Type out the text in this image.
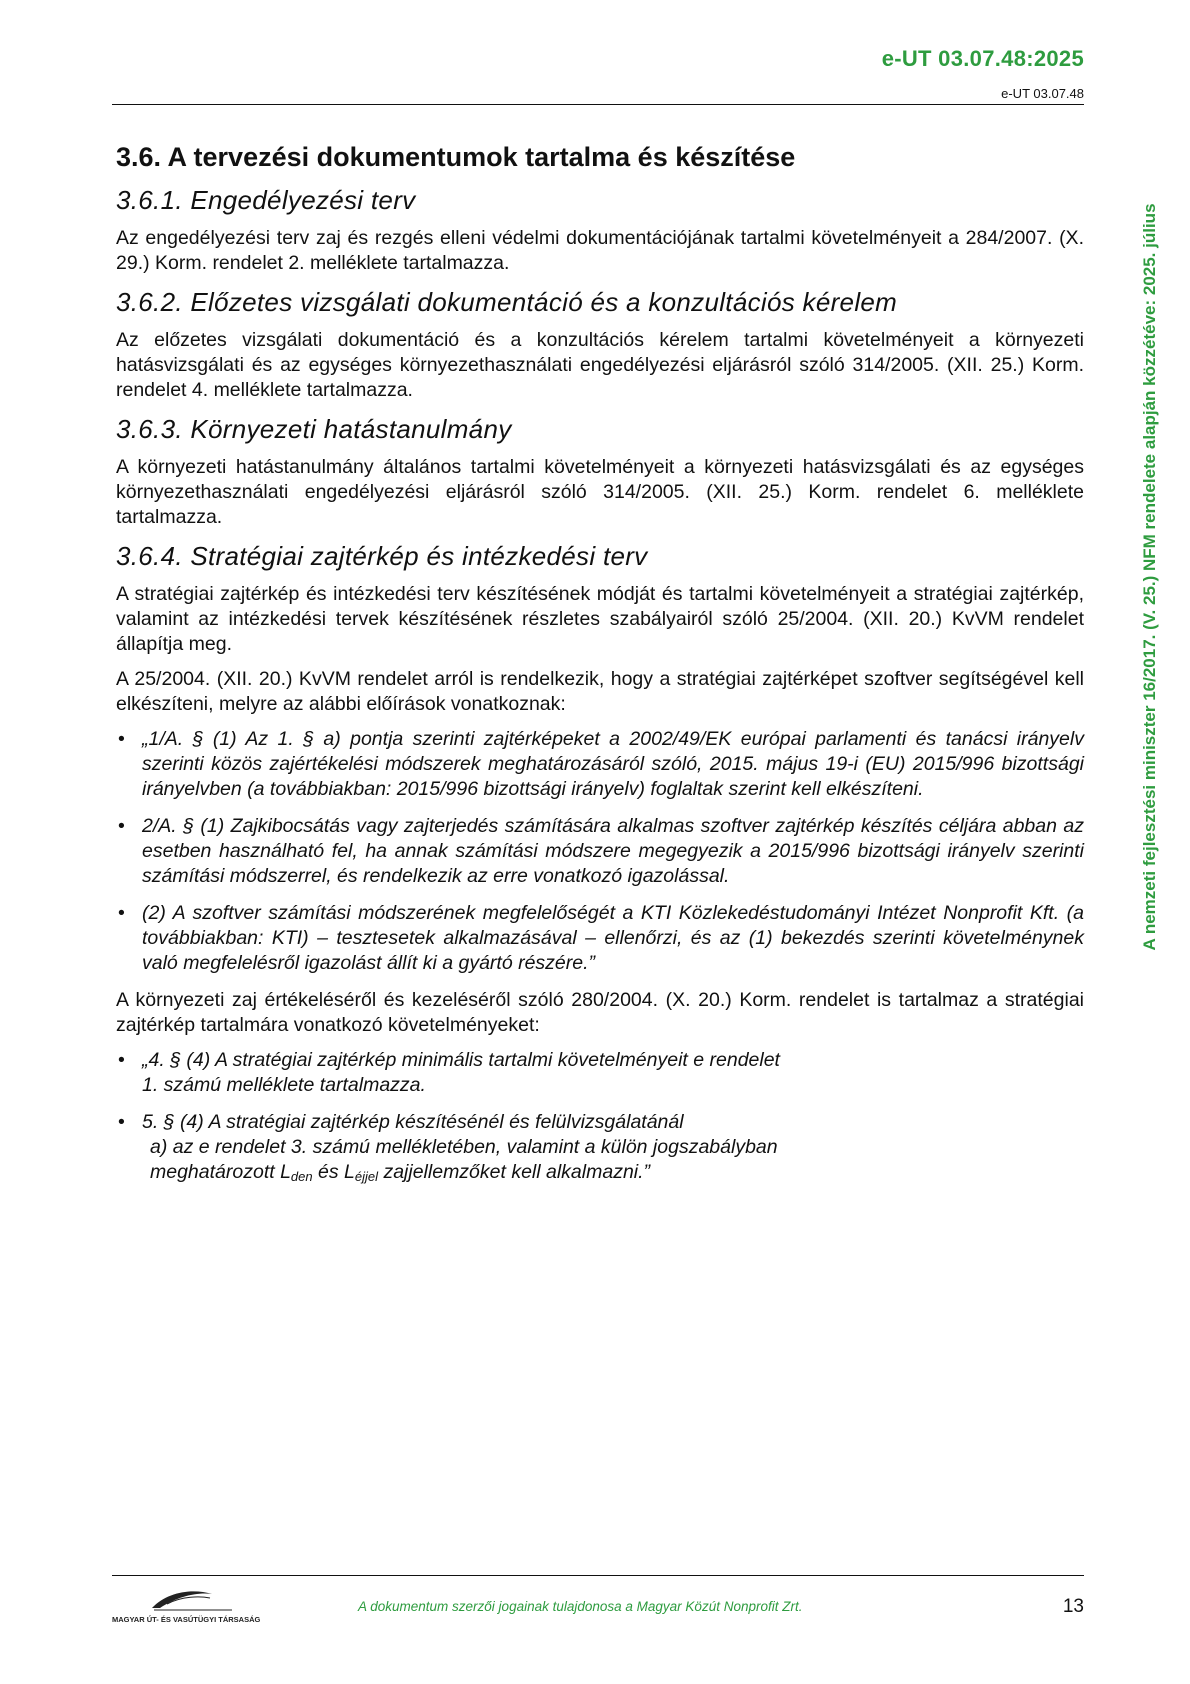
e-UT 03.07.48:2025
e-UT 03.07.48
A nemzeti fejlesztési miniszter 16/2017. (V. 25.) NFM rendelete alapján közzétéve: 2025. július
3.6. A tervezési dokumentumok tartalma és készítése
3.6.1. Engedélyezési terv

Az engedélyezési terv zaj és rezgés elleni védelmi dokumentációjának tartalmi követelményeit a 284/2007. (X. 29.) Korm. rendelet 2. melléklete tartalmazza.

3.6.2. Előzetes vizsgálati dokumentáció és a konzultációs kérelem

Az előzetes vizsgálati dokumentáció és a konzultációs kérelem tartalmi követelményeit a környezeti hatásvizsgálati és az egységes környezethasználati engedélyezési eljárásról szóló 314/2005. (XII. 25.) Korm. rendelet 4. melléklete tartalmazza.

3.6.3. Környezeti hatástanulmány

A környezeti hatástanulmány általános tartalmi követelményeit a környezeti hatásvizsgálati és az egységes környezethasználati engedélyezési eljárásról szóló 314/2005. (XII. 25.) Korm. rendelet 6. melléklete tartalmazza.

3.6.4. Stratégiai zajtérkép és intézkedési terv

A stratégiai zajtérkép és intézkedési terv készítésének módját és tartalmi követelményeit a stratégiai zajtérkép, valamint az intézkedési tervek készítésének részletes szabályairól szóló 25/2004. (XII. 20.) KvVM rendelet állapítja meg.

A 25/2004. (XII. 20.) KvVM rendelet arról is rendelkezik, hogy a stratégiai zajtérképet szoftver segítségével kell elkészíteni, melyre az alábbi előírások vonatkoznak:

• „1/A. § (1) Az 1. § a) pontja szerinti zajtérképeket a 2002/49/EK európai parlamenti és tanácsi irányelv szerinti közös zajértékelési módszerek meghatározásáról szóló, 2015. május 19-i (EU) 2015/996 bizottsági irányelvben (a továbbiakban: 2015/996 bizottsági irányelv) foglaltak szerint kell elkészíteni.
• 2/A. § (1) Zajkibocsátás vagy zajterjedés számítására alkalmas szoftver zajtérkép készítés céljára abban az esetben használható fel, ha annak számítási módszere megegyezik a 2015/996 bizottsági irányelv szerinti számítási módszerrel, és rendelkezik az erre vonatkozó igazolással.
• (2) A szoftver számítási módszerének megfelelőségét a KTI Közlekedéstudományi Intézet Nonprofit Kft. (a továbbiakban: KTI) – tesztesetek alkalmazásával – ellenőrzi, és az (1) bekezdés szerinti követelménynek való megfelelésről igazolást állít ki a gyártó részére.”

A környezeti zaj értékeléséről és kezeléséről szóló 280/2004. (X. 20.) Korm. rendelet is tartalmaz a stratégiai zajtérkép tartalmára vonatkozó követelményeket:

• „4. § (4) A stratégiai zajtérkép minimális tartalmi követelményeit e rendelet
1. számú melléklete tartalmazza.
• 5. § (4) A stratégiai zajtérkép készítésénél és felülvizsgálatánál
a) az e rendelet 3. számú mellékletében, valamint a külön jogszabályban
meghatározott $L_{den}$ és $L_{éjjel}$ zajjellemzőket kell alkalmazni.”
MAGYAR ÚT- ÉS VASÚTÜGYI TÁRSASÁG
A dokumentum szerzői jogainak tulajdonosa a Magyar Közút Nonprofit Zrt.	13
